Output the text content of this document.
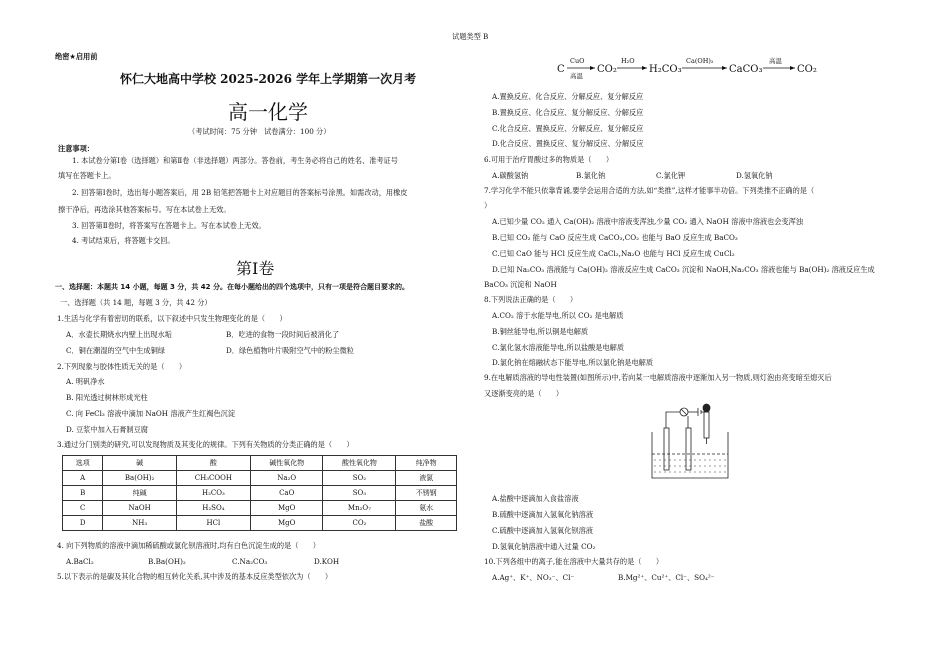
试题类型 B
绝密★启用前
怀仁大地高中学校 2025-2026 学年上学期第一次月考
高一化学
（考试时间：75 分钟　试卷满分：100 分）
注意事项：
1. 本试卷分第Ⅰ卷（选择题）和第Ⅱ卷（非选择题）两部分。答卷前，考生务必将自己的姓名、准考证号
填写在答题卡上。
2. 回答第Ⅰ卷时，选出每小题答案后，用 2B 铅笔把答题卡上对应题目的答案标号涂黑。如需改动，用橡皮
擦干净后，再选涂其他答案标号。写在本试卷上无效。
3. 回答第Ⅱ卷时，将答案写在答题卡上。写在本试卷上无效。
4. 考试结束后，将答题卡交回。
第Ⅰ卷
一、选择题：本题共 14 小题，每题 3 分，共 42 分。在每小题给出的四个选项中，只有一项是符合题目要求的。
一、选择题（共 14 题，每题 3 分，共 42 分）
1.生活与化学有着密切的联系，以下叙述中只发生物理变化的是（　　）
A．水壶长期烧水内壁上出现水垢	B．吃进的食物一段时间后被消化了
C．铜在潮湿的空气中生成铜绿	D．绿色植物叶片吸附空气中的粉尘微粒
2.下列现象与胶体性质无关的是（　　）
A. 明矾净水
B. 阳光透过树林形成光柱
C. 向 FeCl₃ 溶液中滴加 NaOH 溶液产生红褐色沉淀
D. 豆浆中加入石膏制豆腐
3.通过分门别类的研究,可以发现物质及其变化的规律。下列有关物质的分类正确的是（　　）
选项	碱	酸	碱性氧化物	酸性氧化物	纯净物
A	Ba(OH)₂	CH₃COOH	Na₂O	SO₂	液氯
B	纯碱	H₂CO₃	CaO	SO₃	不锈钢
C	NaOH	H₂SO₄	MgO	Mn₂O₇	氨水
D	NH₃	HCl	MgO	CO₂	盐酸
4. 向下列物质的溶液中滴加稀硫酸或氯化钡溶液时,均有白色沉淀生成的是（　　）
A.BaCl₂	B.Ba(OH)₂	C.Na₂CO₃	D.KOH
5.以下表示的是碳及其化合物的相互转化关系,其中涉及的基本反应类型依次为（　　）
C
CuO
高温
CO₂
H₂O
H₂CO₃
Ca(OH)₂
CaCO₃
高温
CO₂
A.置换反应、化合反应、分解反应、复分解反应
B.置换反应、化合反应、复分解反应、分解反应
C.化合反应、置换反应、分解反应、复分解反应
D.化合反应、置换反应、复分解反应、分解反应
6.可用于治疗胃酸过多的物质是（　　）
A.碳酸氢钠	B.氯化钠	C.氯化钾	D.氢氧化钠
7.学习化学不能只依靠背诵,要学会运用合适的方法,如“类推”,这样才能事半功倍。下列类推不正确的是（
）
A.已知少量 CO₂ 通入 Ca(OH)₂ 溶液中溶液变浑浊,少量 CO₂ 通入 NaOH 溶液中溶液也会变浑浊
B.已知 CO₂ 能与 CaO 反应生成 CaCO₃,CO₂ 也能与 BaO 反应生成 BaCO₃
C.已知 CaO 能与 HCl 反应生成 CaCl₂,Na₂O 也能与 HCl 反应生成 CuCl₂
D.已知 Na₂CO₃ 溶液能与 Ca(OH)₂ 溶液反应生成 CaCO₃ 沉淀和 NaOH,Na₂CO₃ 溶液也能与 Ba(OH)₂ 溶液反应生成
BaCO₃ 沉淀和 NaOH
8.下列说法正确的是（　　）
A.CO₂ 溶于水能导电,所以 CO₂ 是电解质
B.铜丝能导电,所以铜是电解质
C.氯化氢水溶液能导电,所以盐酸是电解质
D.氯化钠在熔融状态下能导电,所以氯化钠是电解质
9.在电解质溶液的导电性装置(如图所示)中,若向某一电解质溶液中逐渐加入另一物质,则灯泡由亮变暗至熄灭后
又逐渐变亮的是（　　）
A.盐酸中逐滴加入食盐溶液
B.硫酸中逐滴加入氢氧化钠溶液
C.硫酸中逐滴加入氢氧化钡溶液
D.氢氧化钠溶液中通入过量 CO₂
10.下列各组中的离子,能在溶液中大量共存的是（　　）
A.Ag⁺、K⁺、NO₃⁻、Cl⁻	B.Mg²⁺、Cu²⁺、Cl⁻、SO₄²⁻
